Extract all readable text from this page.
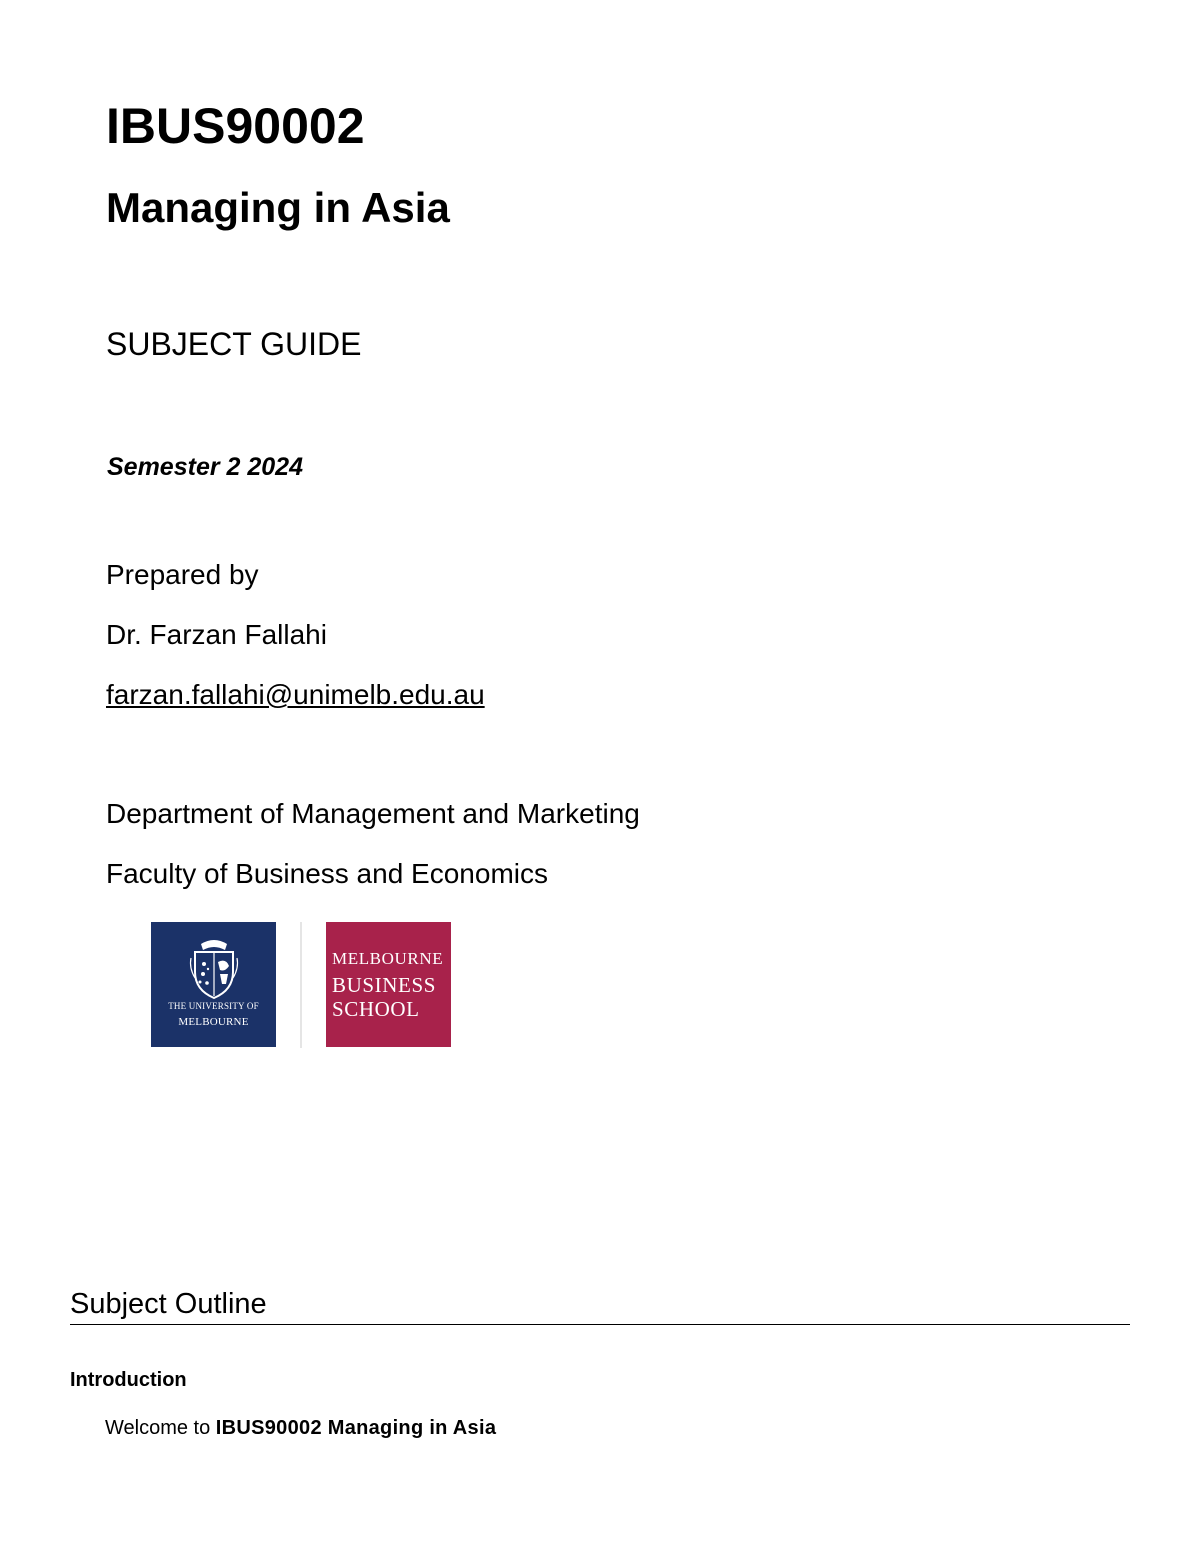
IBUS90002
Managing in Asia
SUBJECT GUIDE
Semester 2 2024
Prepared by
Dr. Farzan Fallahi
farzan.fallahi@unimelb.edu.au
Department of Management and Marketing
Faculty of Business and Economics
THE UNIVERSITY OF
MELBOURNE
MELBOURNE
BUSINESS
SCHOOL
Subject Outline
Introduction
Welcome to IBUS90002 Managing in Asia
